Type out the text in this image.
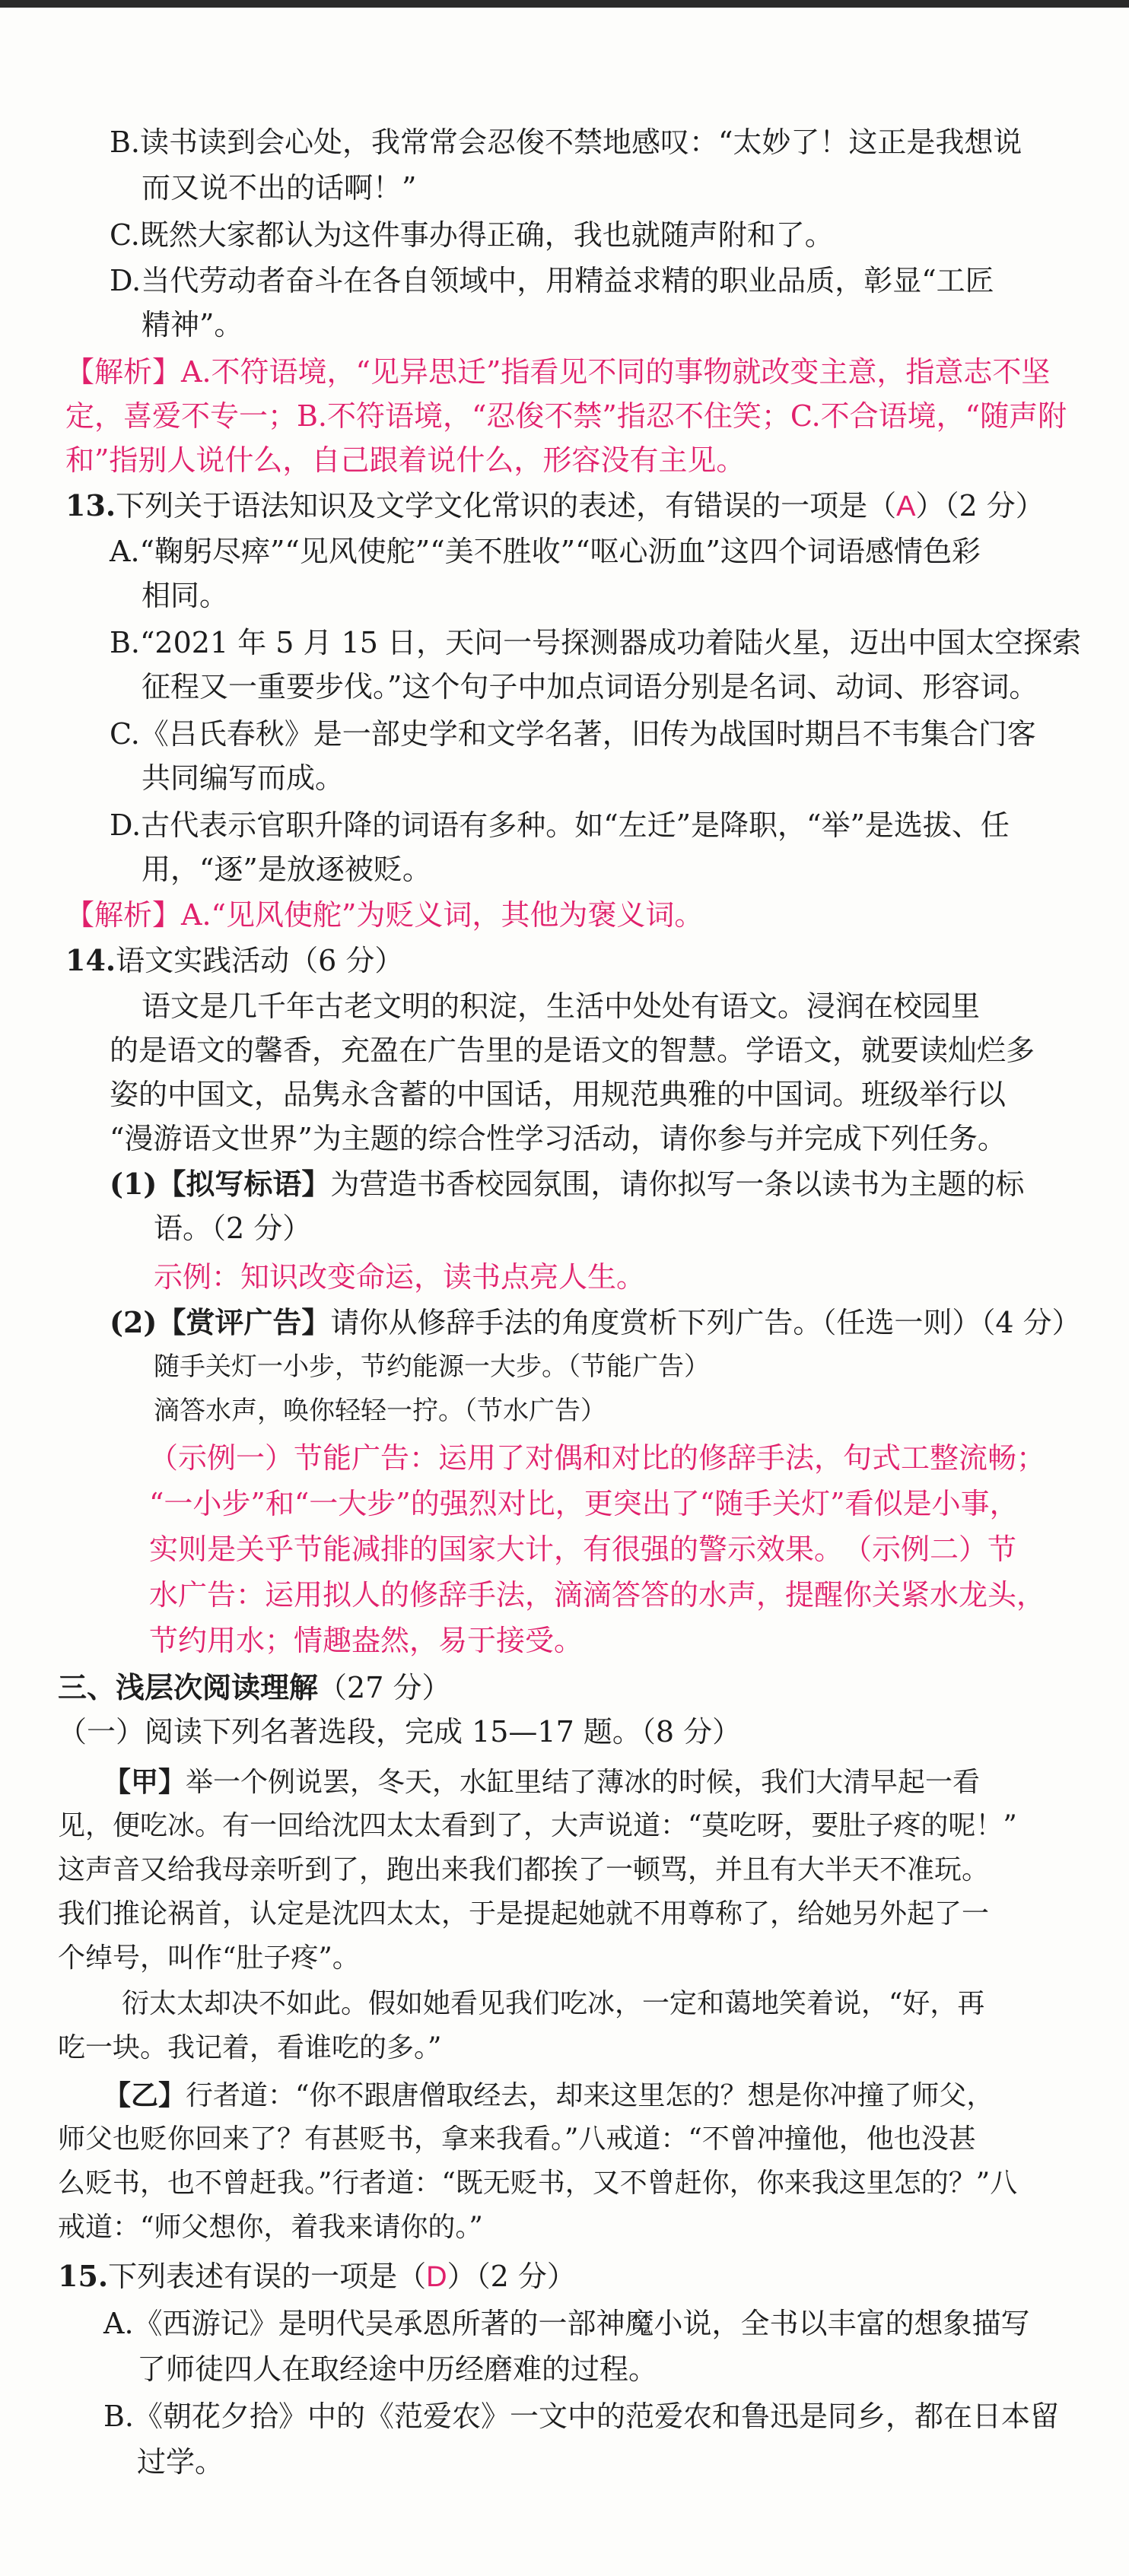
B.读书读到会心处，我常常会忍俊不禁地感叹：“太妙了！这正是我想说
而又说不出的话啊！”
C.既然大家都认为这件事办得正确，我也就随声附和了。
D.当代劳动者奋斗在各自领域中，用精益求精的职业品质，彰显“工匠
精神”。
【解析】A.不符语境，“见异思迁”指看见不同的事物就改变主意，指意志不坚
定，喜爱不专一；B.不符语境，“忍俊不禁”指忍不住笑；C.不合语境，“随声附
和”指别人说什么，自己跟着说什么，形容没有主见。
13.下列关于语法知识及文学文化常识的表述，有错误的一项是（A）（2 分）
A.“鞠躬尽瘁”“见风使舵”“美不胜收”“呕心沥血”这四个词语感情色彩
相同。
B.“2021 年 5 月 15 日，天问一号探测器成功着陆火星，迈出中国太空探索
征程又一重要步伐。”这个句子中加点词语分别是名词、动词、形容词。
C.《吕氏春秋》是一部史学和文学名著，旧传为战国时期吕不韦集合门客
共同编写而成。
D.古代表示官职升降的词语有多种。如“左迁”是降职，“举”是选拔、任
用，“逐”是放逐被贬。
【解析】A.“见风使舵”为贬义词，其他为褒义词。
14.语文实践活动（6 分）
语文是几千年古老文明的积淀，生活中处处有语文。浸润在校园里
的是语文的馨香，充盈在广告里的是语文的智慧。学语文，就要读灿烂多
姿的中国文，品隽永含蓄的中国话，用规范典雅的中国词。班级举行以
“漫游语文世界”为主题的综合性学习活动，请你参与并完成下列任务。
(1)【拟写标语】为营造书香校园氛围，请你拟写一条以读书为主题的标
语。（2 分）
示例：知识改变命运，读书点亮人生。
(2)【赏评广告】请你从修辞手法的角度赏析下列广告。（任选一则）（4 分）
随手关灯一小步，节约能源一大步。（节能广告）
滴答水声，唤你轻轻一拧。（节水广告）
（示例一）节能广告：运用了对偶和对比的修辞手法，句式工整流畅；
“一小步”和“一大步”的强烈对比，更突出了“随手关灯”看似是小事，
实则是关乎节能减排的国家大计，有很强的警示效果。　（示例二）节
水广告：运用拟人的修辞手法，滴滴答答的水声，提醒你关紧水龙头，
节约用水；情趣盎然，易于接受。
三、浅层次阅读理解（27 分）
（一）阅读下列名著选段，完成 15—17 题。（8 分）
【甲】举一个例说罢，冬天，水缸里结了薄冰的时候，我们大清早起一看
见，便吃冰。有一回给沈四太太看到了，大声说道：“莫吃呀，要肚子疼的呢！”
这声音又给我母亲听到了，跑出来我们都挨了一顿骂，并且有大半天不准玩。
我们推论祸首，认定是沈四太太，于是提起她就不用尊称了，给她另外起了一
个绰号，叫作“肚子疼”。
衍太太却决不如此。假如她看见我们吃冰，一定和蔼地笑着说，“好，再
吃一块。我记着，看谁吃的多。”
【乙】行者道：“你不跟唐僧取经去，却来这里怎的？想是你冲撞了师父，
师父也贬你回来了？有甚贬书，拿来我看。”八戒道：“不曾冲撞他，他也没甚
么贬书，也不曾赶我。”行者道：“既无贬书，又不曾赶你，你来我这里怎的？”八
戒道：“师父想你，着我来请你的。”
15.下列表述有误的一项是（D）（2 分）
A.《西游记》是明代吴承恩所著的一部神魔小说，全书以丰富的想象描写
了师徒四人在取经途中历经磨难的过程。
B.《朝花夕拾》中的《范爱农》一文中的范爱农和鲁迅是同乡，都在日本留
过学。
